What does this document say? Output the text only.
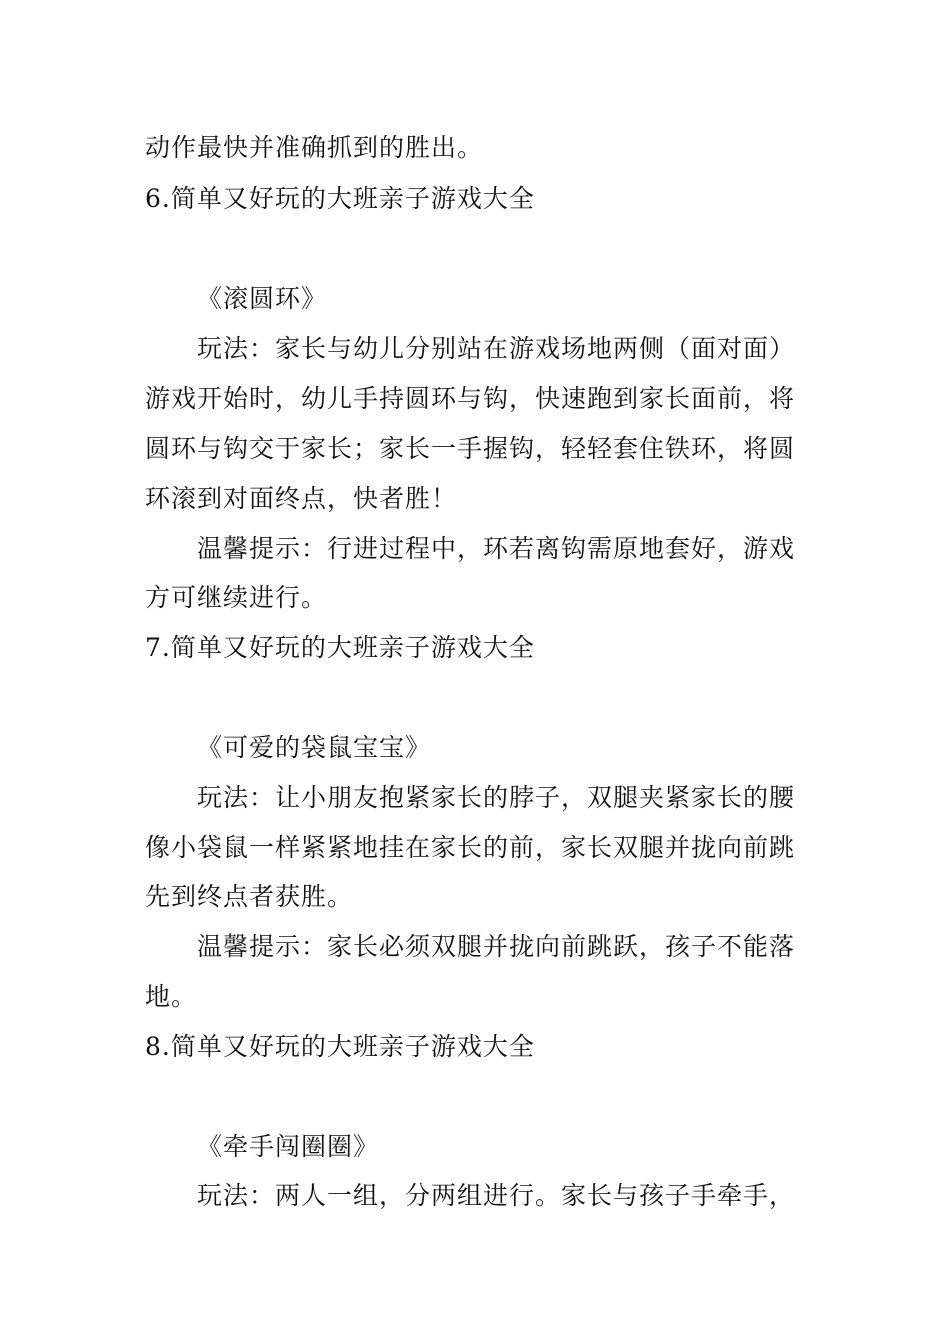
动作最快并准确抓到的胜出。
6.简单又好玩的大班亲子游戏大全
《滚圆环》
玩法：家长与幼儿分别站在游戏场地两侧（面对面）
游戏开始时，幼儿手持圆环与钩，快速跑到家长面前，将
圆环与钩交于家长；家长一手握钩，轻轻套住铁环，将圆
环滚到对面终点，快者胜！
温馨提示：行进过程中，环若离钩需原地套好，游戏
方可继续进行。
7.简单又好玩的大班亲子游戏大全
《可爱的袋鼠宝宝》
玩法：让小朋友抱紧家长的脖子，双腿夹紧家长的腰
像小袋鼠一样紧紧地挂在家长的前，家长双腿并拢向前跳
先到终点者获胜。
温馨提示：家长必须双腿并拢向前跳跃，孩子不能落
地。
8.简单又好玩的大班亲子游戏大全
《牵手闯圈圈》
玩法：两人一组，分两组进行。家长与孩子手牵手，
